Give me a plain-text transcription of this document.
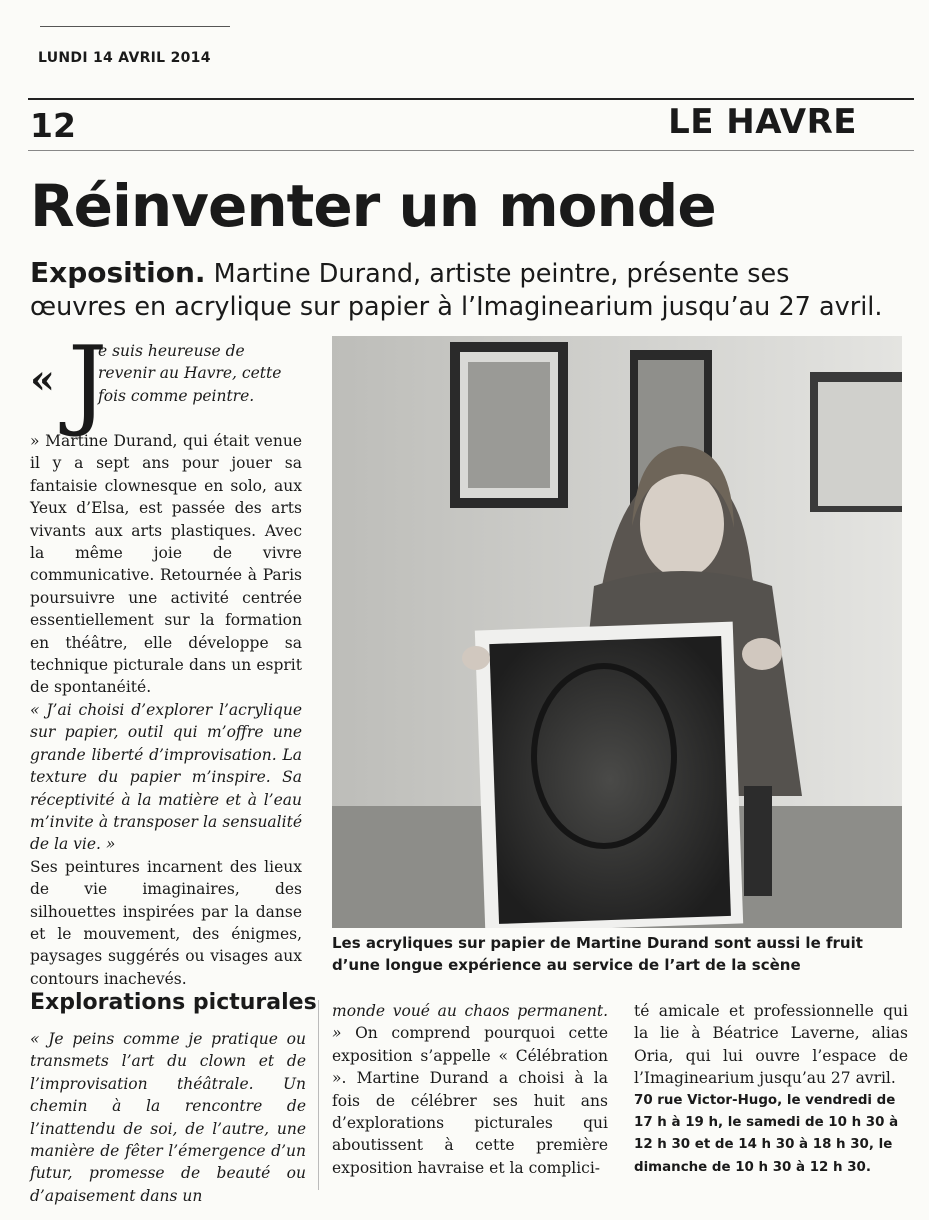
LUNDI 14 AVRIL 2014
12	LE HAVRE
Réinventer un monde
Exposition. Martine Durand, artiste peintre, présente ses œuvres en acrylique sur papier à l’Imaginearium jusqu’au 27 avril.
« J
e suis heureuse de revenir au Havre, cette fois comme peintre.

» Martine Durand, qui était venue il y a sept ans pour jouer sa fantaisie clownesque en solo, aux Yeux d’Elsa, est passée des arts vivants aux arts plastiques. Avec la même joie de vivre communicative. Retournée à Paris poursuivre une activité centrée essentiellement sur la formation en théâtre, elle développe sa technique picturale dans un esprit de spontanéité.

« J’ai choisi d’explorer l’acrylique sur papier, outil qui m’offre une grande liberté d’improvisation. La texture du papier m’inspire. Sa réceptivité à la matière et à l’eau m’invite à transposer la sensualité de la vie. »

Ses peintures incarnent des lieux de vie imaginaires, des silhouettes inspirées par la danse et le mouvement, des énigmes, paysages suggérés ou visages aux contours inachevés.

Explorations picturales

« Je peins comme je pratique ou transmets l’art du clown et de l’improvisation théâtrale. Un chemin à la rencontre de l’inattendu de soi, de l’autre, une manière de fêter l’émergence d’un futur, promesse de beauté ou d’apaisement dans un

Les acryliques sur papier de Martine Durand sont aussi le fruit d’une longue expérience au service de l’art de la scène

monde voué au chaos permanent. » On comprend pourquoi cette exposition s’appelle « Célébration ». Martine Durand a choisi à la fois de célébrer ses huit ans d’explorations picturales qui aboutissent à cette première exposition havraise et la complici-

té amicale et professionnelle qui la lie à Béatrice Laverne, alias Oria, qui lui ouvre l’espace de l’Imaginearium jusqu’au 27 avril.

70 rue Victor-Hugo, le vendredi de 17 h à 19 h, le samedi de 10 h 30 à 12 h 30 et de 14 h 30 à 18 h 30, le dimanche de 10 h 30 à 12 h 30.
